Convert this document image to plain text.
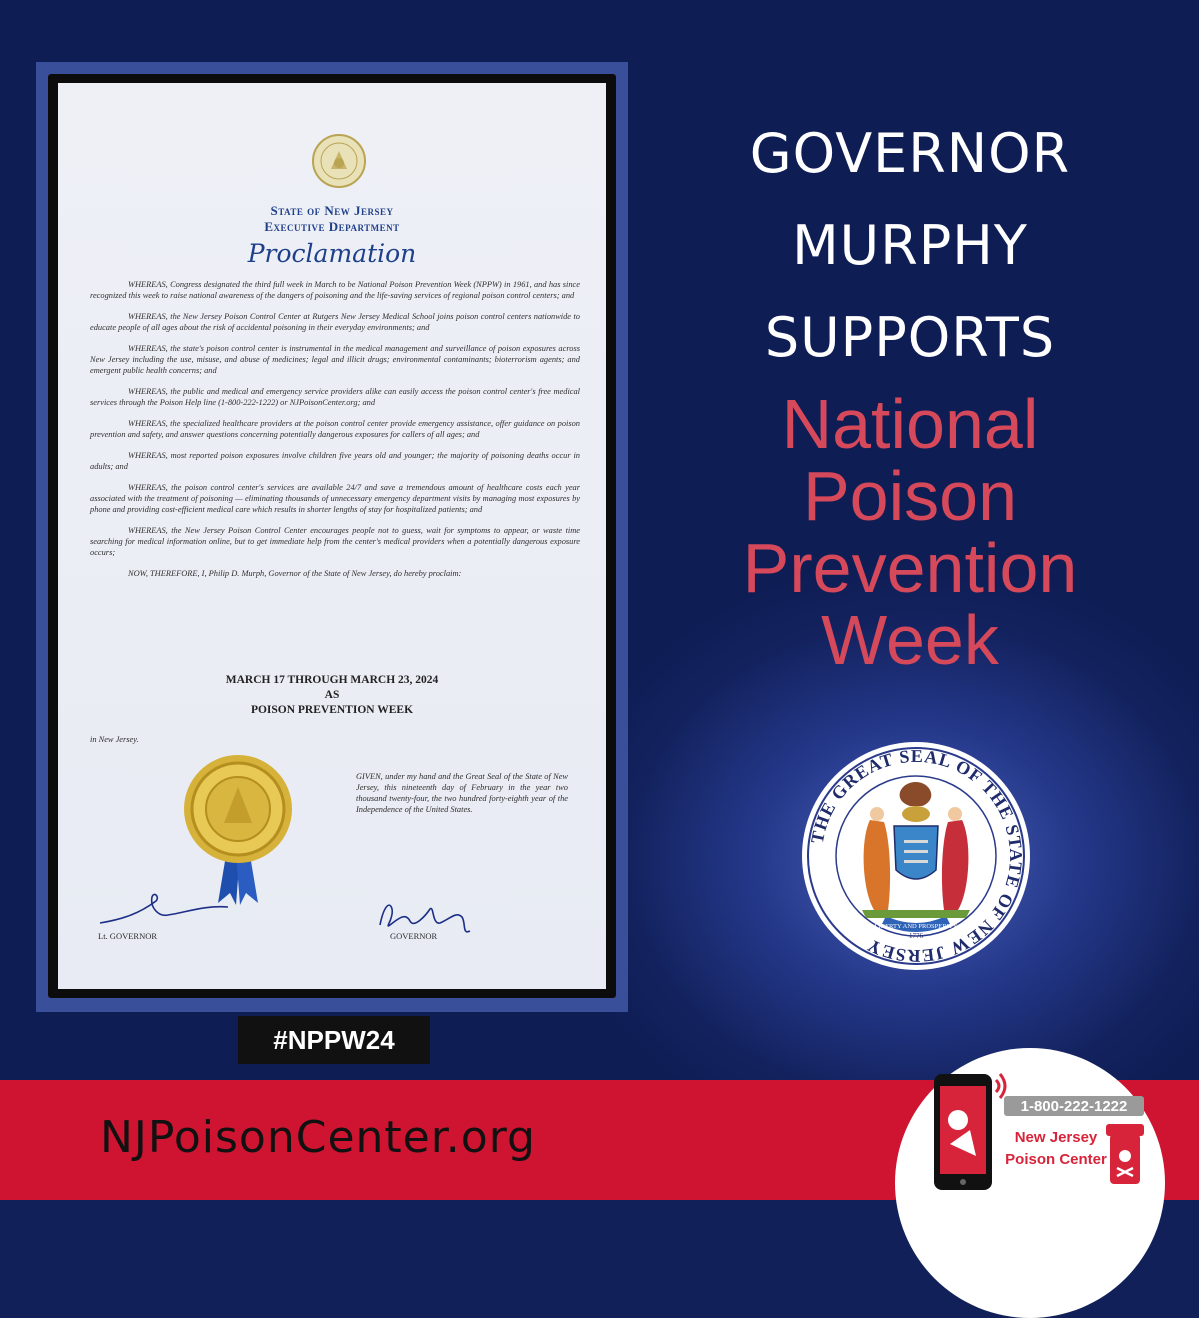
State of New Jersey
Executive Department
Proclamation

WHEREAS, Congress designated the third full week in March to be National Poison Prevention Week (NPPW) in 1961, and has since recognized this week to raise national awareness of the dangers of poisoning and the life-saving services of regional poison control centers; and

WHEREAS, the New Jersey Poison Control Center at Rutgers New Jersey Medical School joins poison control centers nationwide to educate people of all ages about the risk of accidental poisoning in their everyday environments; and

WHEREAS, the state's poison control center is instrumental in the medical management and surveillance of poison exposures across New Jersey including the use, misuse, and abuse of medicines; legal and illicit drugs; environmental contaminants; bioterrorism agents; and emergent public health concerns; and

WHEREAS, the public and medical and emergency service providers alike can easily access the poison control center's free medical services through the Poison Help line (1-800-222-1222) or NJPoisonCenter.org; and

WHEREAS, the specialized healthcare providers at the poison control center provide emergency assistance, offer guidance on poison prevention and safety, and answer questions concerning potentially dangerous exposures for callers of all ages; and

WHEREAS, most reported poison exposures involve children five years old and younger; the majority of poisoning deaths occur in adults; and

WHEREAS, the poison control center's services are available 24/7 and save a tremendous amount of healthcare costs each year associated with the treatment of poisoning — eliminating thousands of unnecessary emergency department visits by managing most exposures by phone and providing cost-efficient medical care which results in shorter lengths of stay for hospitalized patients; and

WHEREAS, the New Jersey Poison Control Center encourages people not to guess, wait for symptoms to appear, or waste time searching for medical information online, but to get immediate help from the center's medical providers when a potentially dangerous exposure occurs;

NOW, THEREFORE, I, Philip D. Murph, Governor of the State of New Jersey, do hereby proclaim:

MARCH 17 THROUGH MARCH 23, 2024
AS
POISON PREVENTION WEEK
in New Jersey.
GIVEN, under my hand and the Great Seal of the State of New Jersey, this nineteenth day of February in the year two thousand twenty-four, the two hundred forty-eighth year of the Independence of the United States.
Lt. GOVERNOR	GOVERNOR
#NPPW24
GOVERNOR
MURPHY
SUPPORTS
National
Poison
Prevention
Week
THE GREAT SEAL OF THE STATE OF NEW JERSEY
LIBERTY AND PROSPERITY
1776
NJPoisonCenter.org
1-800-222-1222
New Jersey
Poison Center
